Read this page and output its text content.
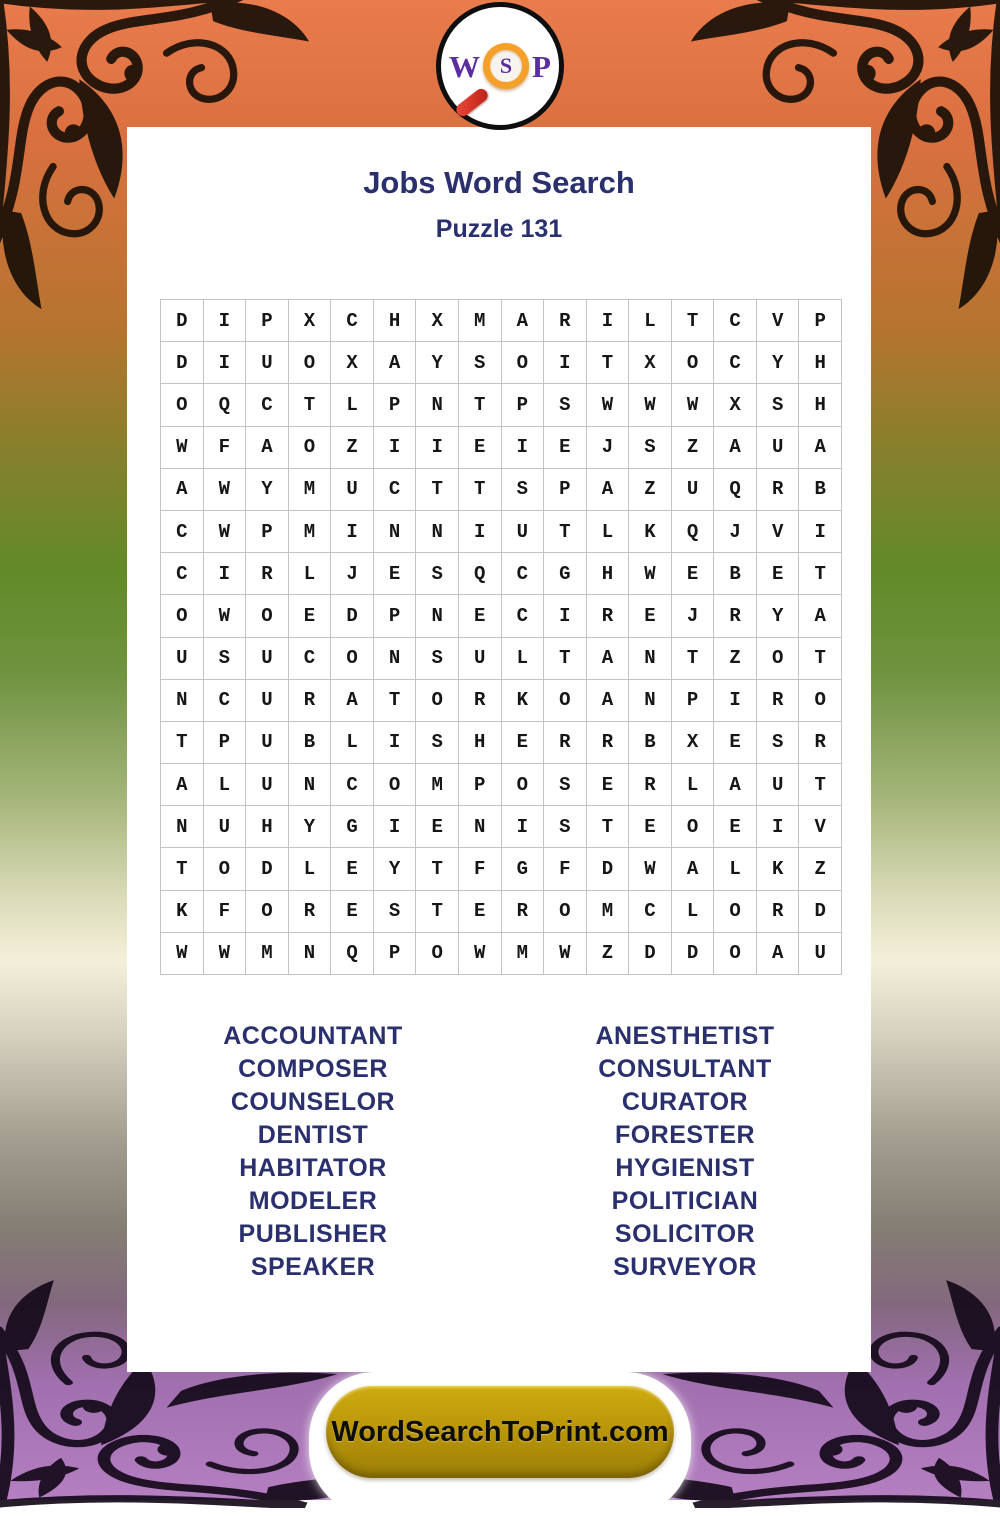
W S P
Jobs Word Search
Puzzle 131
D	I	P	X	C	H	X	M	A	R	I	L	T	C	V	P
D	I	U	O	X	A	Y	S	O	I	T	X	O	C	Y	H
O	Q	C	T	L	P	N	T	P	S	W	W	W	X	S	H
W	F	A	O	Z	I	I	E	I	E	J	S	Z	A	U	A
A	W	Y	M	U	C	T	T	S	P	A	Z	U	Q	R	B
C	W	P	M	I	N	N	I	U	T	L	K	Q	J	V	I
C	I	R	L	J	E	S	Q	C	G	H	W	E	B	E	T
O	W	O	E	D	P	N	E	C	I	R	E	J	R	Y	A
U	S	U	C	O	N	S	U	L	T	A	N	T	Z	O	T
N	C	U	R	A	T	O	R	K	O	A	N	P	I	R	O
T	P	U	B	L	I	S	H	E	R	R	B	X	E	S	R
A	L	U	N	C	O	M	P	O	S	E	R	L	A	U	T
N	U	H	Y	G	I	E	N	I	S	T	E	O	E	I	V
T	O	D	L	E	Y	T	F	G	F	D	W	A	L	K	Z
K	F	O	R	E	S	T	E	R	O	M	C	L	O	R	D
W	W	M	N	Q	P	O	W	M	W	Z	D	D	O	A	U
ACCOUNTANT
COMPOSER
COUNSELOR
DENTIST
HABITATOR
MODELER
PUBLISHER
SPEAKER
ANESTHETIST
CONSULTANT
CURATOR
FORESTER
HYGIENIST
POLITICIAN
SOLICITOR
SURVEYOR
WordSearchToPrint.com
